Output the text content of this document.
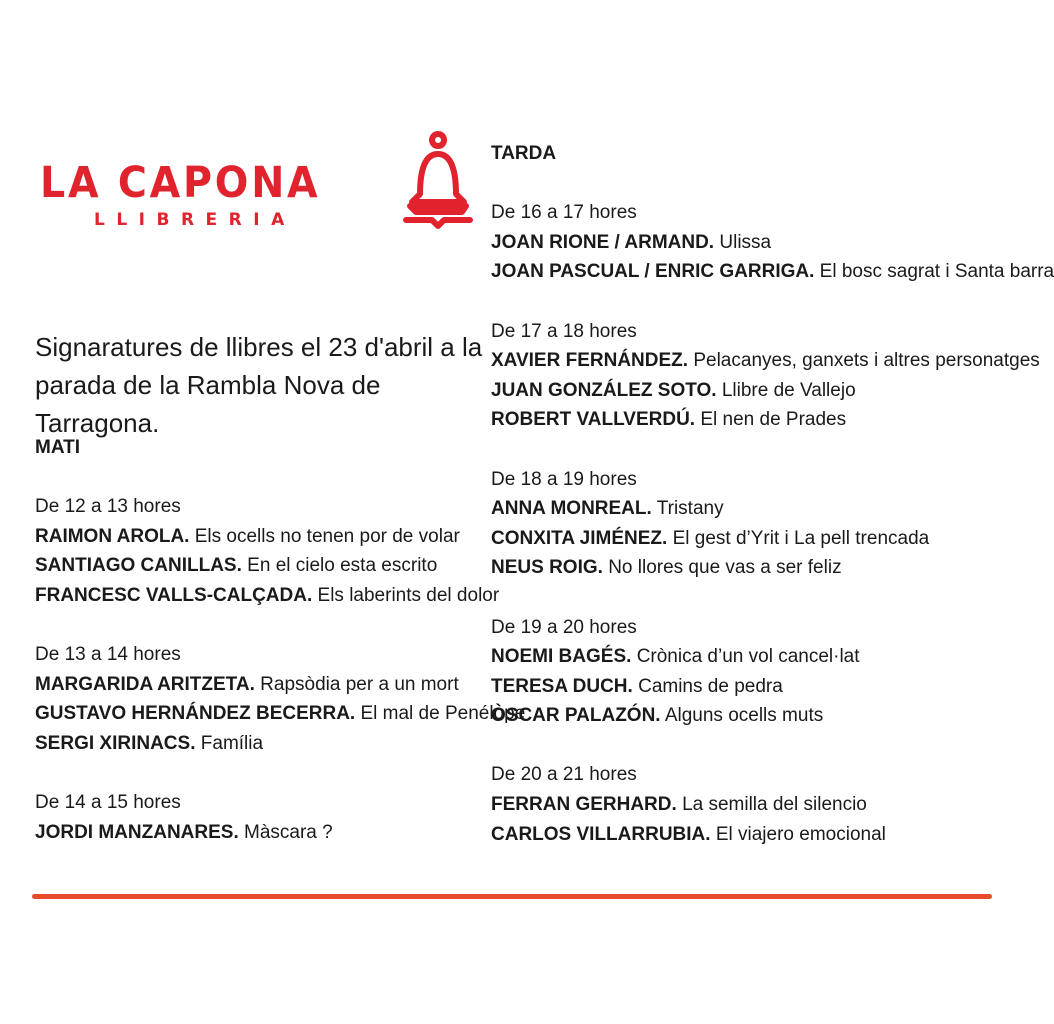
LA CAPONA
LLIBRERIA
Signaratures de llibres el 23 d'abril a la parada de la Rambla Nova de Tarragona.
MATI
De 12 a 13 hores
RAIMON AROLA. Els ocells no tenen por de volar
SANTIAGO CANILLAS. En el cielo esta escrito
FRANCESC VALLS-CALÇADA. Els laberints del dolor
De 13 a 14 hores
MARGARIDA ARITZETA. Rapsòdia per a un mort
GUSTAVO HERNÁNDEZ BECERRA. El mal de Penélope
SERGI XIRINACS. Família
De 14 a 15 hores
JORDI MANZANARES. Màscara ?
TARDA
De 16 a 17 hores
JOAN RIONE / ARMAND. Ulissa
JOAN PASCUAL / ENRIC GARRIGA. El bosc sagrat i Santa barra
De 17 a 18 hores
XAVIER FERNÁNDEZ. Pelacanyes, ganxets i altres personatges
JUAN GONZÁLEZ SOTO. Llibre de Vallejo
ROBERT VALLVERDÚ. El nen de Prades
De 18 a 19 hores
ANNA MONREAL. Tristany
CONXITA JIMÉNEZ. El gest d’Yrit i La pell trencada
NEUS ROIG. No llores que vas a ser feliz
De 19 a 20 hores
NOEMI BAGÉS. Crònica d’un vol cancel·lat
TERESA DUCH. Camins de pedra
ÒSCAR PALAZÓN. Alguns ocells muts
De 20 a 21 hores
FERRAN GERHARD. La semilla del silencio
CARLOS VILLARRUBIA. El viajero emocional
